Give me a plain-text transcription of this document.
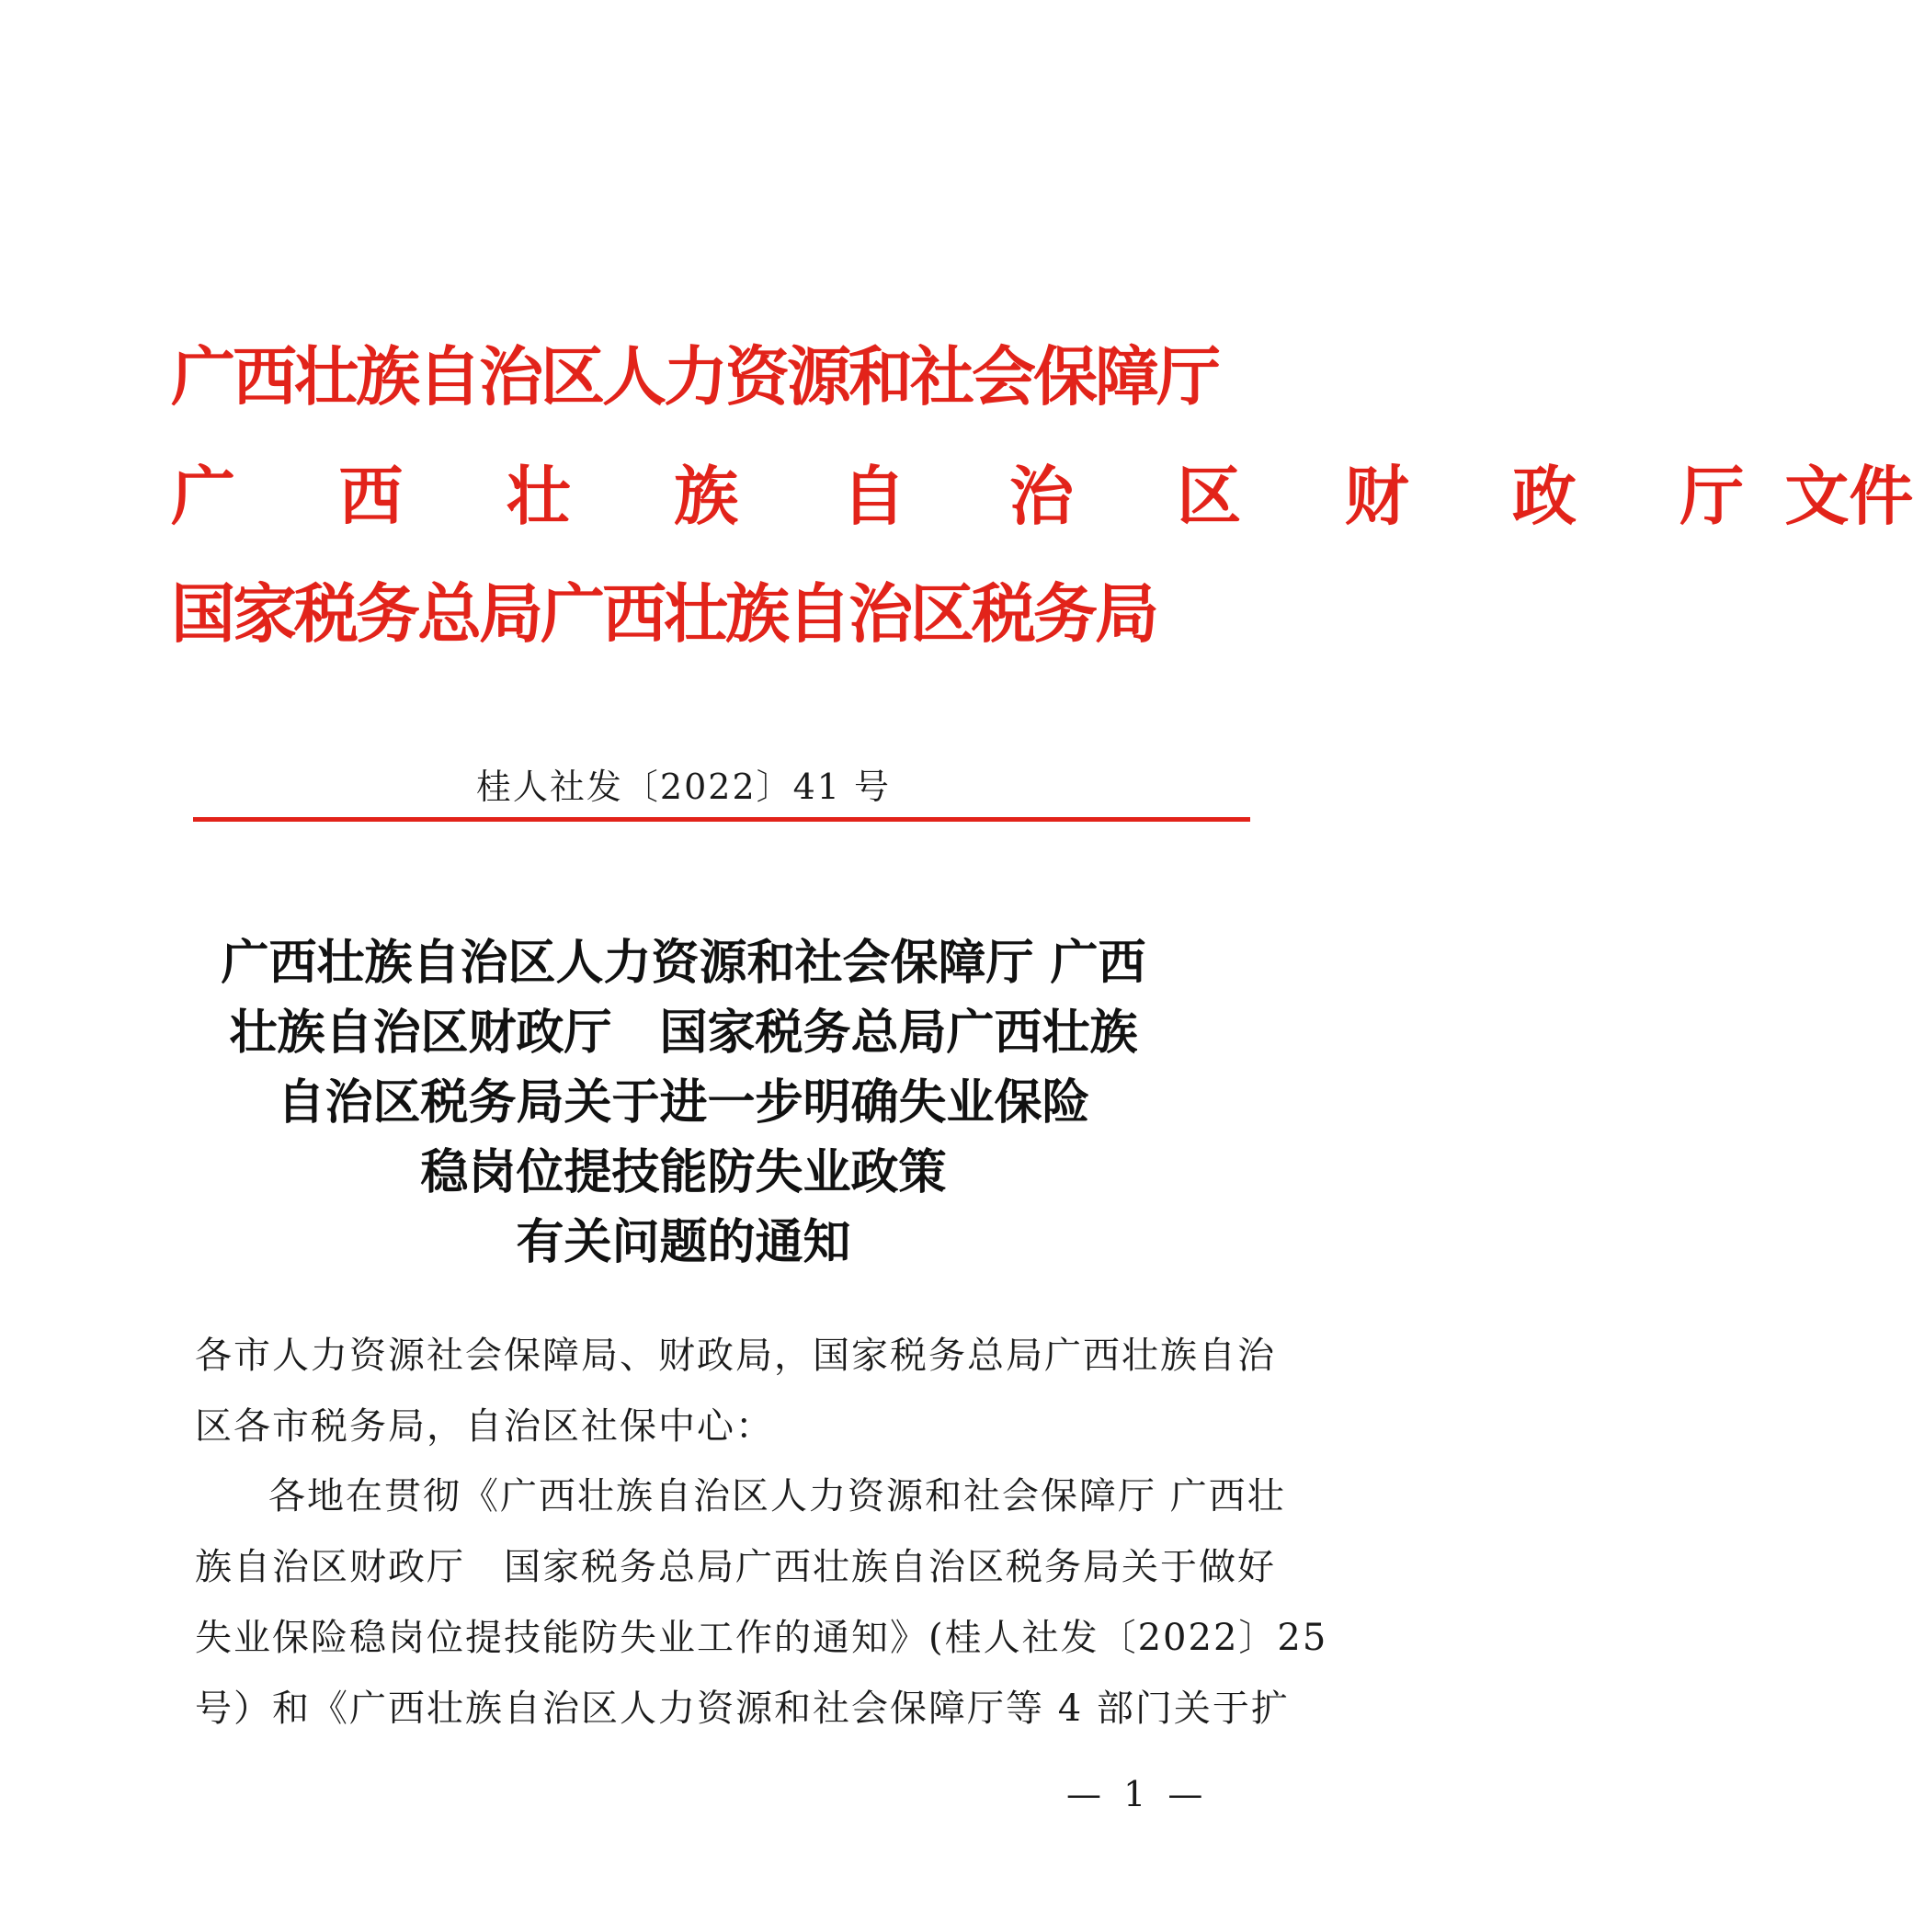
广西壮族自治区人力资源和社会保障厅
广 西 壮 族 自 治 区 财 政 厅文件
国家税务总局广西壮族自治区税务局
桂人社发〔2022〕41 号
广西壮族自治区人力资源和社会保障厅 广西
壮族自治区财政厅　国家税务总局广西壮族
自治区税务局关于进一步明确失业保险
稳岗位提技能防失业政策
有关问题的通知
各市人力资源社会保障局、财政局，国家税务总局广西壮族自治
区各市税务局，自治区社保中心：
各地在贯彻《广西壮族自治区人力资源和社会保障厅 广西壮
族自治区财政厅　国家税务总局广西壮族自治区税务局关于做好
失业保险稳岗位提技能防失业工作的通知》(桂人社发〔2022〕25
号）和《广西壮族自治区人力资源和社会保障厅等 4 部门关于扩
— 1 —
